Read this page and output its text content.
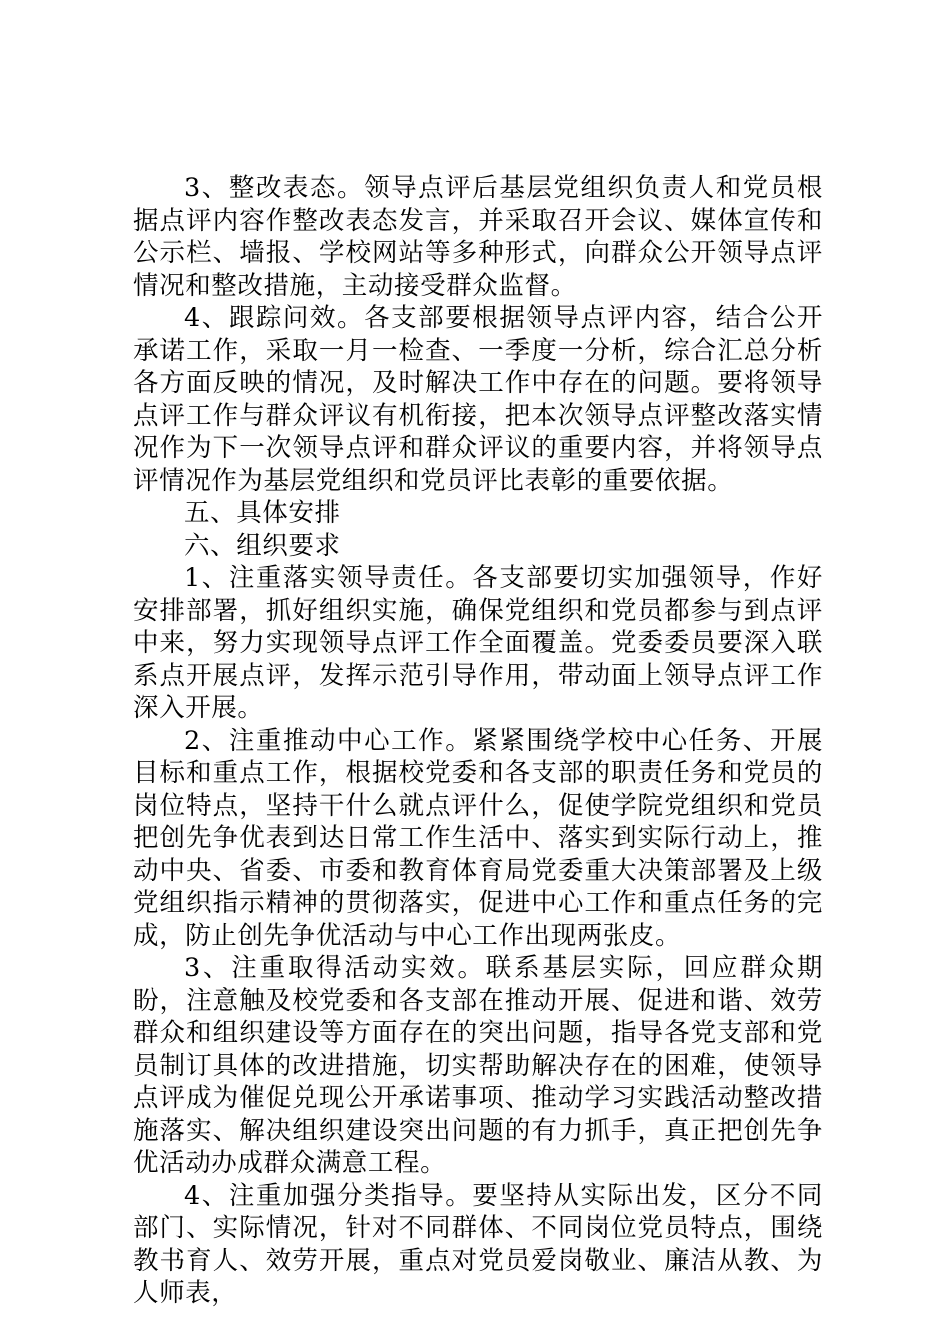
3、整改表态。领导点评后基层党组织负责人和党员根据点评内容作整改表态发言，并采取召开会议、媒体宣传和公示栏、墙报、学校网站等多种形式，向群众公开领导点评情况和整改措施，主动接受群众监督。

4、跟踪问效。各支部要根据领导点评内容，结合公开承诺工作，采取一月一检查、一季度一分析，综合汇总分析各方面反映的情况，及时解决工作中存在的问题。要将领导点评工作与群众评议有机衔接，把本次领导点评整改落实情况作为下一次领导点评和群众评议的重要内容，并将领导点评情况作为基层党组织和党员评比表彰的重要依据。

五、具体安排

六、组织要求

1、注重落实领导责任。各支部要切实加强领导，作好安排部署，抓好组织实施，确保党组织和党员都参与到点评中来，努力实现领导点评工作全面覆盖。党委委员要深入联系点开展点评，发挥示范引导作用，带动面上领导点评工作深入开展。

2、注重推动中心工作。紧紧围绕学校中心任务、开展目标和重点工作，根据校党委和各支部的职责任务和党员的岗位特点，坚持干什么就点评什么，促使学院党组织和党员把创先争优表到达日常工作生活中、落实到实际行动上，推动中央、省委、市委和教育体育局党委重大决策部署及上级党组织指示精神的贯彻落实，促进中心工作和重点任务的完成，防止创先争优活动与中心工作出现两张皮。

3、注重取得活动实效。联系基层实际，回应群众期盼，注意触及校党委和各支部在推动开展、促进和谐、效劳群众和组织建设等方面存在的突出问题，指导各党支部和党员制订具体的改进措施，切实帮助解决存在的困难，使领导点评成为催促兑现公开承诺事项、推动学习实践活动整改措施落实、解决组织建设突出问题的有力抓手，真正把创先争优活动办成群众满意工程。

4、注重加强分类指导。要坚持从实际出发，区分不同部门、实际情况，针对不同群体、不同岗位党员特点，围绕教书育人、效劳开展，重点对党员爱岗敬业、廉洁从教、为人师表，
